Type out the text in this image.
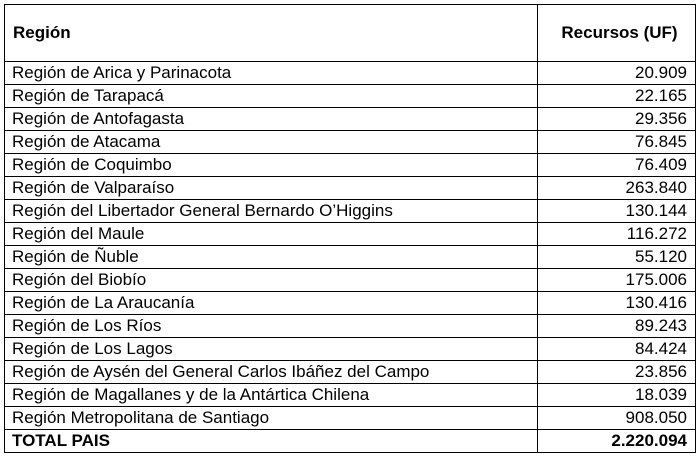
Región	Recursos (UF)
Región de Arica y Parinacota	20.909
Región de Tarapacá	22.165
Región de Antofagasta	29.356
Región de Atacama	76.845
Región de Coquimbo	76.409
Región de Valparaíso	263.840
Región del Libertador General Bernardo O’Higgins	130.144
Región del Maule	116.272
Región de Ñuble	55.120
Región del Biobío	175.006
Región de La Araucanía	130.416
Región de Los Ríos	89.243
Región de Los Lagos	84.424
Región de Aysén del General Carlos Ibáñez del Campo	23.856
Región de Magallanes y de la Antártica Chilena	18.039
Región Metropolitana de Santiago	908.050
TOTAL PAIS	2.220.094
